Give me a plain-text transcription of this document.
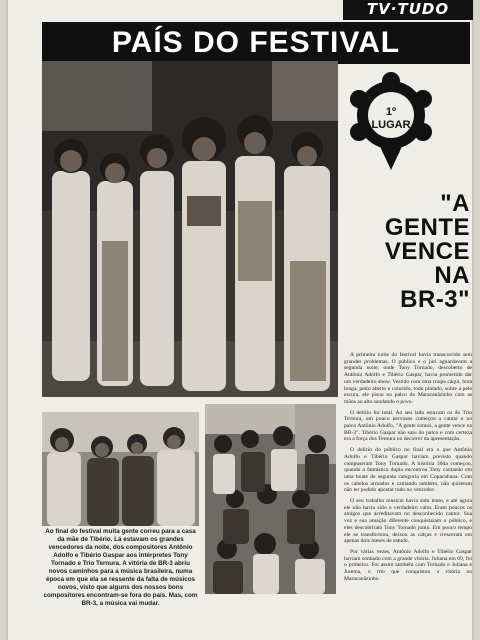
TV·TUDO
PAÍS DO FESTIVAL
1º
LUGAR
"A
GENTE
VENCE NA
BR-3"

A primeira noite do festival havia transcorrido sem grandes problemas. O público e o júri aguardavam a segunda noite, onde Tony Tornado, descoberto de Antônio Adolfo e Tibério Gaspar, havia prometido dar um verdadeiro show. Vestido com uma roupa cáqui, bota longa, peito aberto e colorido, todo pintado, sobre a pele escura, ele pisou no palco do Maracanãzinho com as mãos ao alto saudando o povo.

O delírio foi total. Ao seu lado estavam os do Trio Ternura, um pouco nervosos começou a cantar e no palco Antônio Adolfo, "A gente somos, a gente vence na BR-3". Tibério Gaspar não saiu do palco e com certeza era a força dos Ternura no decorrer da apresentação.

O delírio do público no final era o que Antônio Adolfo e Tibério Gaspar haviam previsto quando compuseram Tony Tornado. A história 30da começou, quando a fantástica dupla encontrou Tony cantando em uma boate de segunda categoria em Copacabana. Com os cabelos armados e cantando também, não quiseram não ter podido apostar tudo no vencedor.

O seu trabalho musical havia sido lento, e até agora ele não havia sido o verdadeiro valor. Eram poucos os amigos que acreditavam no desconhecido cantor. Sua voz e sua atuação diferente conquistaram o público, e eles descobriram Tony Tornado junto. Em pouco tempo ele se transformou, deixou as calças e cresceram em apenas dois meses de estudo.

Por várias vezes, Antônio Adolfo e Tibério Gaspar haviam sonhado com a grande vitória. Juliana em 69, foi o primeiro. Foi assim também com Tornado e Juliana e Jurema, o trio que conquistou a vitória no Maracanãzinho.

Ao final do festival muita gente correu para a casa da mãe de Tibério. Lá estavam os grandes vencedores da noite, dos compositores Antônio Adolfo e Tibério Gaspar aos intérpretes Tony Tornado e Trio Ternura. A vitória de BR-3 abriu novos caminhos para a música brasileira, numa época em que ela se ressente da falta de músicos novos, visto que alguns dos nossos bons compositores encontram-se fora do país. Mas, com BR-3, a música vai mudar.
